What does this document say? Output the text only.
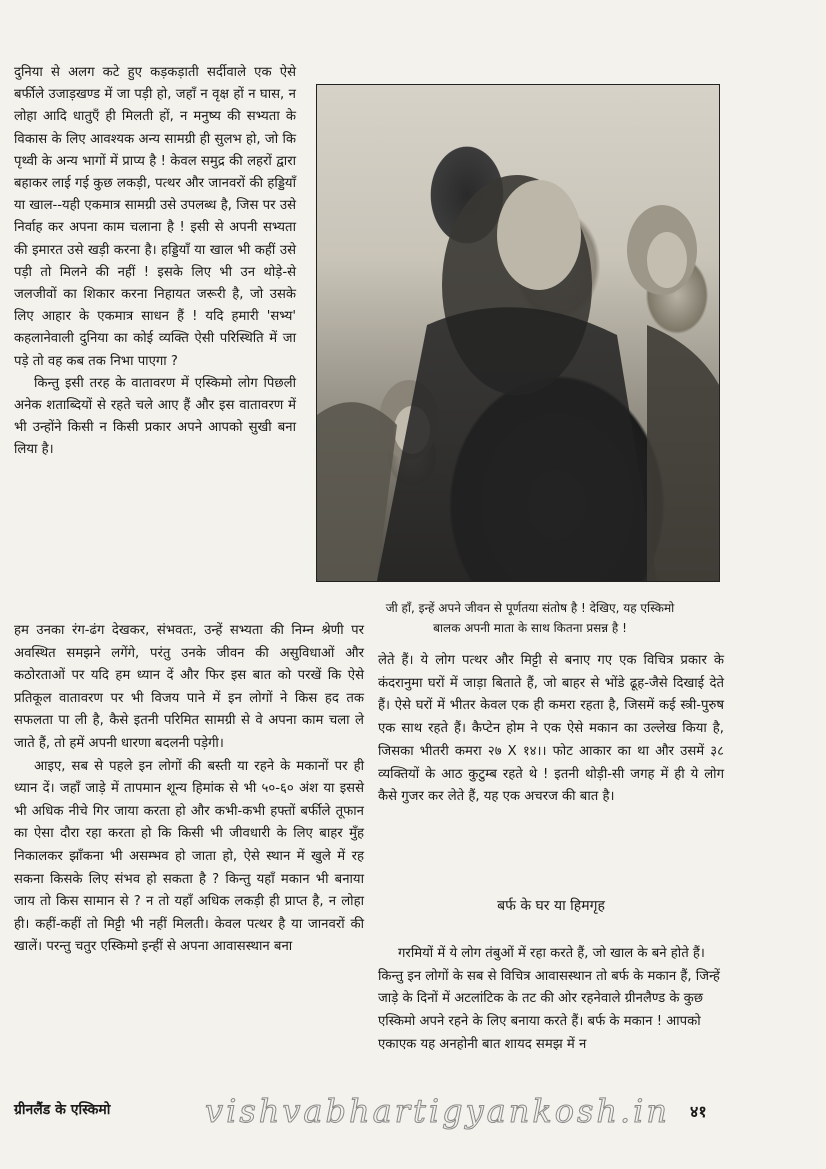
दुनिया से अलग कटे हुए कड़कड़ाती सर्दीवाले एक ऐसे बर्फीले उजाड़खण्ड में जा पड़ी हो, जहाँ न वृक्ष हों न घास, न लोहा आदि धातुएँ ही मिलती हों, न मनुष्य की सभ्यता के विकास के लिए आवश्यक अन्य सामग्री ही सुलभ हो, जो कि पृथ्वी के अन्य भागों में प्राप्य है ! केवल समुद्र की लहरों द्वारा बहाकर लाई गई कुछ लकड़ी, पत्थर और जानवरों की हड्डियाँ या खाल--यही एकमात्र सामग्री उसे उपलब्ध है, जिस पर उसे निर्वाह कर अपना काम चलाना है ! इसी से अपनी सभ्यता की इमारत उसे खड़ी करना है। हड्डियाँ या खाल भी कहीं उसे पड़ी तो मिलने की नहीं ! इसके लिए भी उन थोड़े-से जलजीवों का शिकार करना निहायत जरूरी है, जो उसके लिए आहार के एकमात्र साधन हैं ! यदि हमारी 'सभ्य' कहलानेवाली दुनिया का कोई व्यक्ति ऐसी परिस्थिति में जा पड़े तो वह कब तक निभा पाएगा ?

किन्तु इसी तरह के वातावरण में एस्किमो लोग पिछली अनेक शताब्दियों से रहते चले आए हैं और इस वातावरण में भी उन्होंने किसी न किसी प्रकार अपने आपको सुखी बना लिया है।

जी हाँ, इन्हें अपने जीवन से पूर्णतया संतोष है ! देखिए, यह एस्किमो
बालक अपनी माता के साथ कितना प्रसन्न है !

हम उनका रंग-ढंग देखकर, संभवतः, उन्हें सभ्यता की निम्न श्रेणी पर अवस्थित समझने लगेंगे, परंतु उनके जीवन की असुविधाओं और कठोरताओं पर यदि हम ध्यान दें और फिर इस बात को परखें कि ऐसे प्रतिकूल वातावरण पर भी विजय पाने में इन लोगों ने किस हद तक सफलता पा ली है, कैसे इतनी परिमित सामग्री से वे अपना काम चला ले जाते हैं, तो हमें अपनी धारणा बदलनी पड़ेगी।

आइए, सब से पहले इन लोगों की बस्ती या रहने के मकानों पर ही ध्यान दें। जहाँ जाड़े में तापमान शून्य हिमांक से भी ५०-६० अंश या इससे भी अधिक नीचे गिर जाया करता हो और कभी-कभी हफ्तों बर्फीले तूफान का ऐसा दौरा रहा करता हो कि किसी भी जीवधारी के लिए बाहर मुँह निकालकर झाँकना भी असम्भव हो जाता हो, ऐसे स्थान में खुले में रह सकना किसके लिए संभव हो सकता है ? किन्तु यहाँ मकान भी बनाया जाय तो किस सामान से ? न तो यहाँ अधिक लकड़ी ही प्राप्त है, न लोहा ही। कहीं-कहीं तो मिट्टी भी नहीं मिलती। केवल पत्थर है या जानवरों की खालें। परन्तु चतुर एस्किमो इन्हीं से अपना आवासस्थान बना

लेते हैं। ये लोग पत्थर और मिट्टी से बनाए गए एक विचित्र प्रकार के कंदरानुमा घरों में जाड़ा बिताते हैं, जो बाहर से भोंडे ढूह-जैसे दिखाई देते हैं। ऐसे घरों में भीतर केवल एक ही कमरा रहता है, जिसमें कई स्त्री-पुरुष एक साथ रहते हैं। कैप्टेन होम ने एक ऐसे मकान का उल्लेख किया है, जिसका भीतरी कमरा २७ X १४।। फोट आकार का था और उसमें ३८ व्यक्तियों के आठ कुटुम्ब रहते थे ! इतनी थोड़ी-सी जगह में ही ये लोग कैसे गुजर कर लेते हैं, यह एक अचरज की बात है।

बर्फ के घर या हिमगृह

गरमियों में ये लोग तंबुओं में रहा करते हैं, जो खाल के बने होते हैं। किन्तु इन लोगों के सब से विचित्र आवासस्थान तो बर्फ के मकान हैं, जिन्हें जाड़े के दिनों में अटलांटिक के तट की ओर रहनेवाले ग्रीनलैण्ड के कुछ एस्किमो अपने रहने के लिए बनाया करते हैं। बर्फ के मकान ! आपको एकाएक यह अनहोनी बात शायद समझ में न

ग्रीनलैंड के एस्किमो	vishvabhartigyankosh.in ४१
